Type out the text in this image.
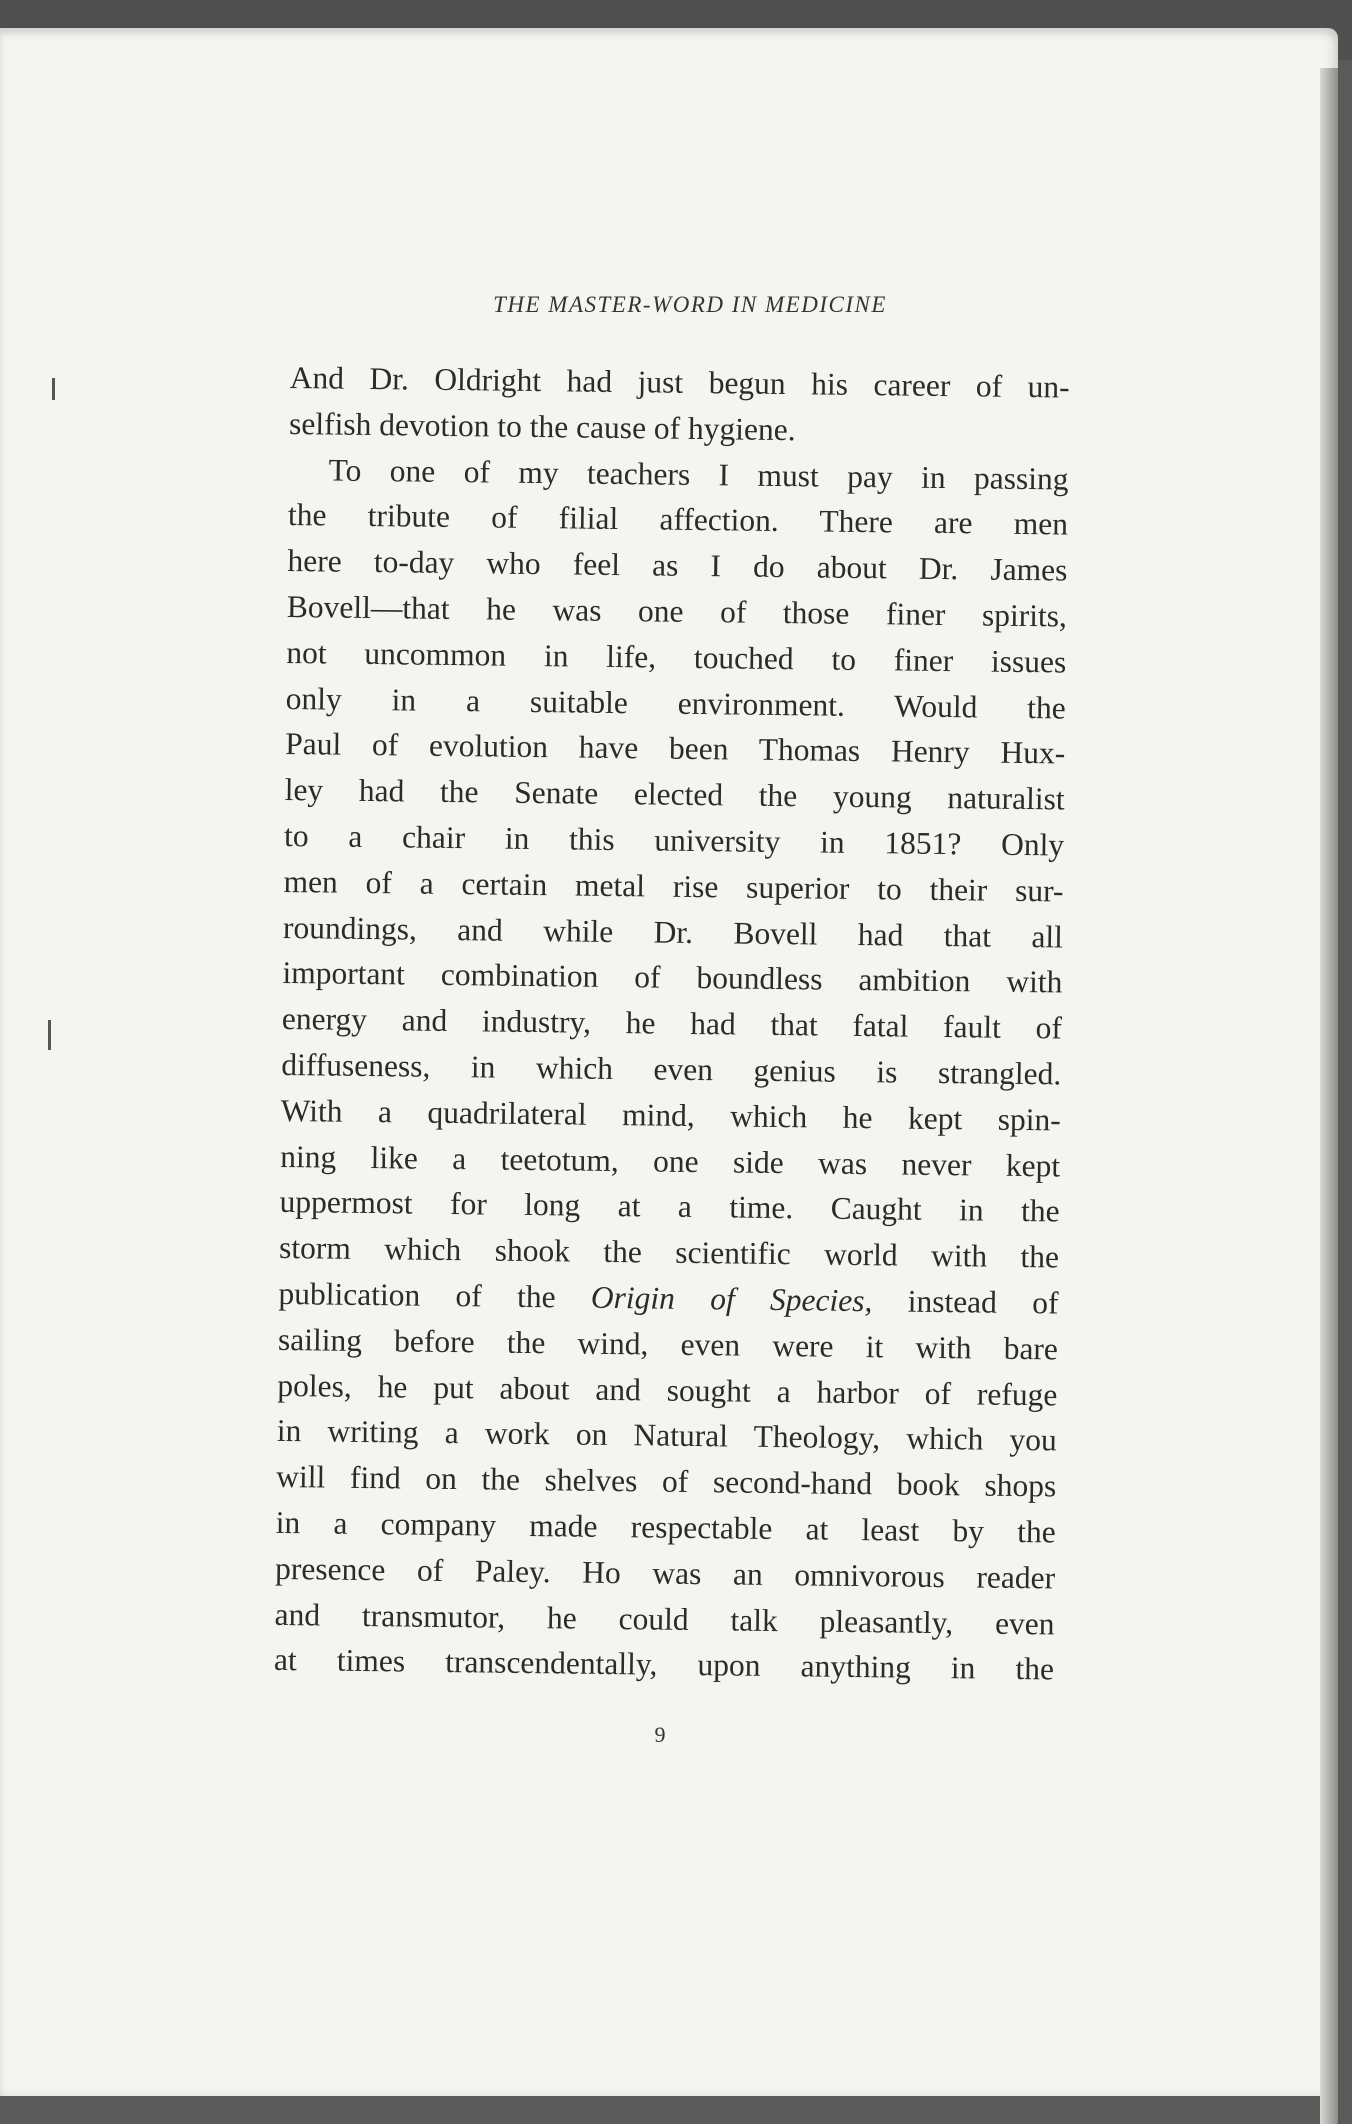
THE MASTER-WORD IN MEDICINE
And Dr. Oldright had just begun his career of un-
selfish devotion to the cause of hygiene.
To one of my teachers I must pay in passing
the tribute of filial affection. There are men
here to-day who feel as I do about Dr. James
Bovell—that he was one of those finer spirits,
not uncommon in life, touched to finer issues
only in a suitable environment. Would the
Paul of evolution have been Thomas Henry Hux-
ley had the Senate elected the young naturalist
to a chair in this university in 1851? Only
men of a certain metal rise superior to their sur-
roundings, and while Dr. Bovell had that all
important combination of boundless ambition with
energy and industry, he had that fatal fault of
diffuseness, in which even genius is strangled.
With a quadrilateral mind, which he kept spin-
ning like a teetotum, one side was never kept
uppermost for long at a time. Caught in the
storm which shook the scientific world with the
publication of the Origin of Species, instead of
sailing before the wind, even were it with bare
poles, he put about and sought a harbor of refuge
in writing a work on Natural Theology, which you
will find on the shelves of second-hand book shops
in a company made respectable at least by the
presence of Paley. Ho was an omnivorous reader
and transmutor, he could talk pleasantly, even
at times transcendentally, upon anything in the
9
